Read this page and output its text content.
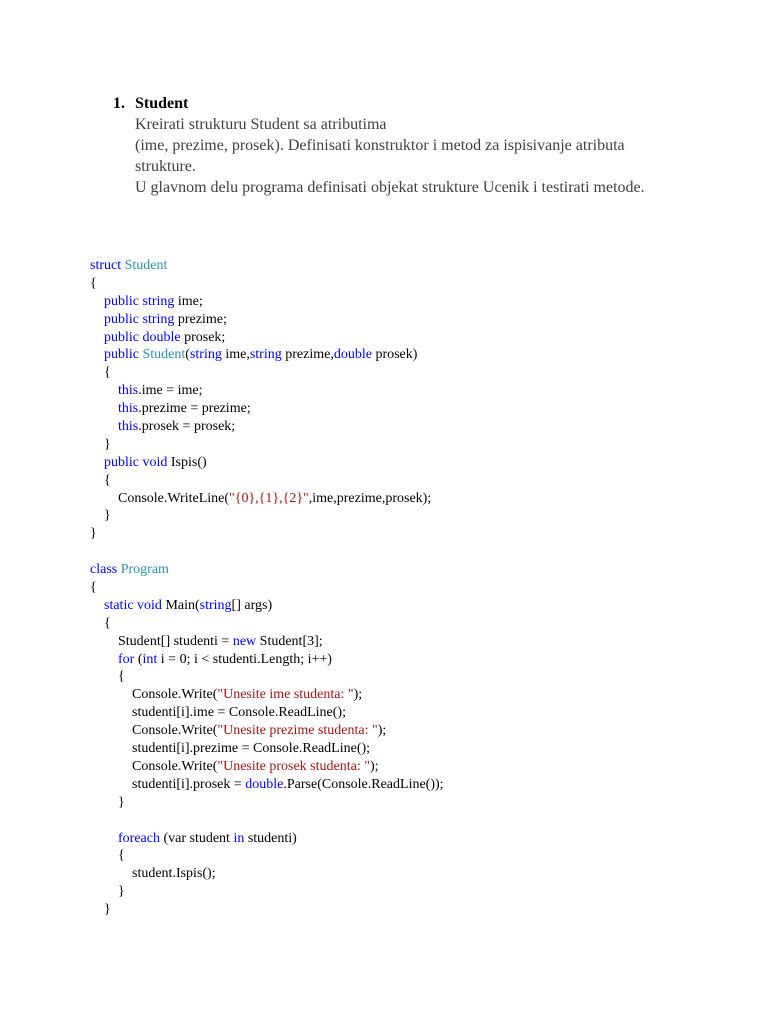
1. Student
Kreirati strukturu Student sa atributima
(ime, prezime, prosek). Definisati konstruktor i metod za ispisivanje atributa strukture.
U glavnom delu programa definisati objekat strukture Ucenik i testirati metode.
struct Student
{
public string ime;
public string prezime;
public double prosek;
public Student(string ime,string prezime,double prosek)
{
this.ime = ime;
this.prezime = prezime;
this.prosek = prosek;
}
public void Ispis()
{
Console.WriteLine("{0},{1},{2}",ime,prezime,prosek);
}
}
class Program
{
static void Main(string[] args)
{
Student[] studenti = new Student[3];
for (int i = 0; i < studenti.Length; i++)
{
Console.Write("Unesite ime studenta: ");
studenti[i].ime = Console.ReadLine();
Console.Write("Unesite prezime studenta: ");
studenti[i].prezime = Console.ReadLine();
Console.Write("Unesite prosek studenta: ");
studenti[i].prosek = double.Parse(Console.ReadLine());
}
foreach (var student in studenti)
{
student.Ispis();
}
}
